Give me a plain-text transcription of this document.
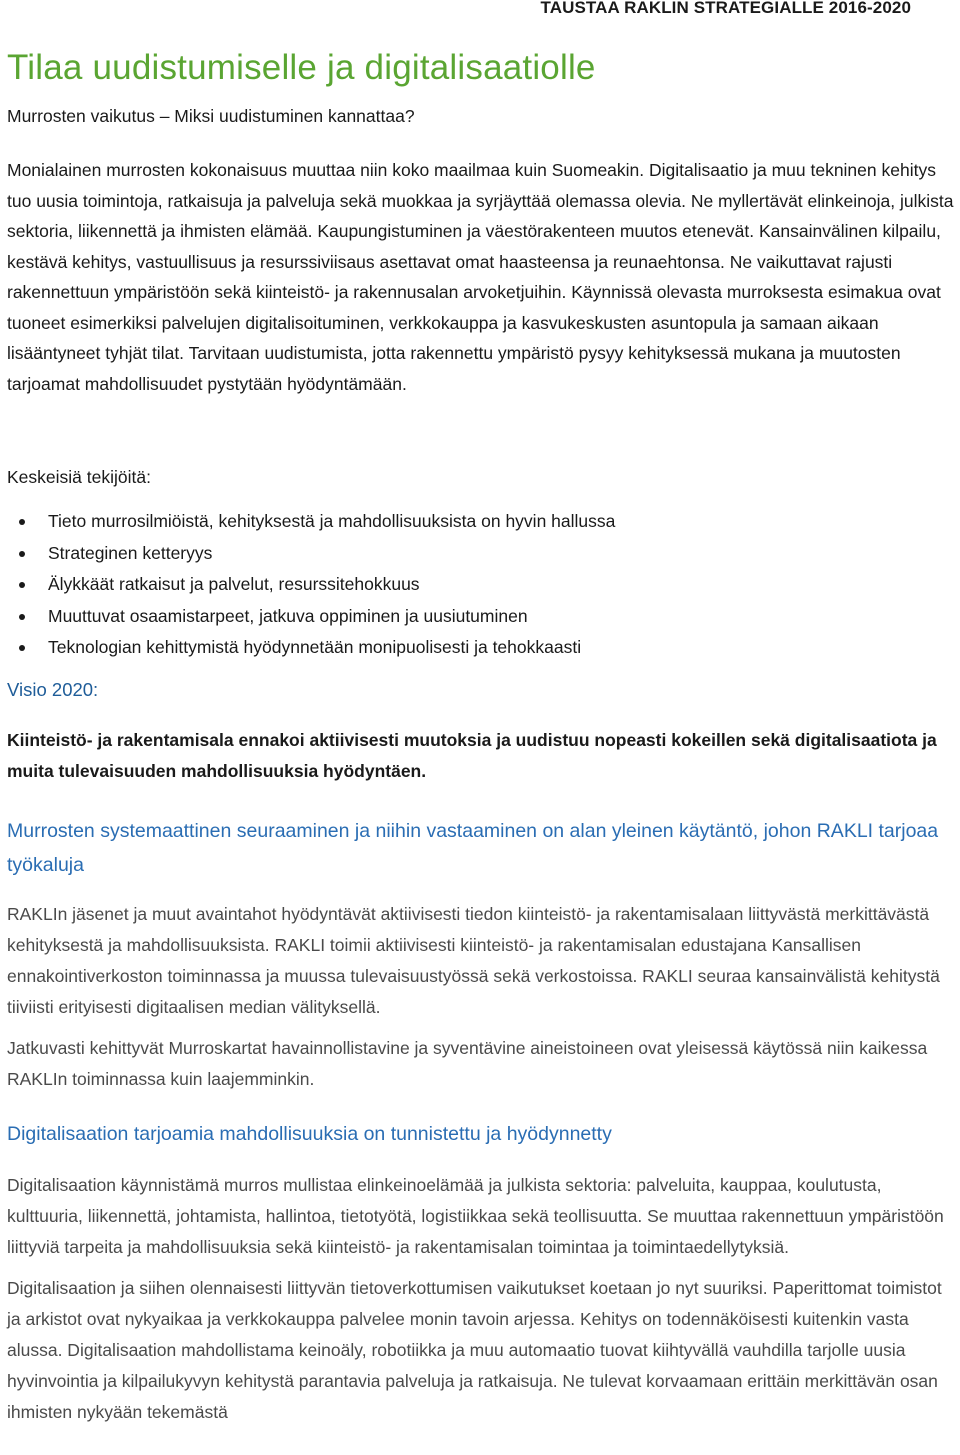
TAUSTAA RAKLIN STRATEGIALLE 2016-2020
Tilaa uudistumiselle ja digitalisaatiolle
Murrosten vaikutus – Miksi uudistuminen kannattaa?
Monialainen murrosten kokonaisuus muuttaa niin koko maailmaa kuin Suomeakin. Digitalisaatio ja muu tekninen kehitys tuo uusia toimintoja, ratkaisuja ja palveluja sekä muokkaa ja syrjäyttää olemassa olevia. Ne myllertävät elinkeinoja, julkista sektoria, liikennettä ja ihmisten elämää. Kaupungistuminen ja väestörakenteen muutos etenevät. Kansainvälinen kilpailu, kestävä kehitys, vastuullisuus ja resurssiviisaus asettavat omat haasteensa ja reunaehtonsa. Ne vaikuttavat rajusti rakennettuun ympäristöön sekä kiinteistö- ja rakennusalan arvoketjuihin. Käynnissä olevasta murroksesta esimakua ovat tuoneet esimerkiksi palvelujen digitalisoituminen, verkkokauppa ja kasvukeskusten asuntopula ja samaan aikaan lisääntyneet tyhjät tilat. Tarvitaan uudistumista, jotta rakennettu ympäristö pysyy kehityksessä mukana ja muutosten tarjoamat mahdollisuudet pystytään hyödyntämään.
Keskeisiä tekijöitä:
Tieto murrosilmiöistä, kehityksestä ja mahdollisuuksista on hyvin hallussa
Strateginen ketteryys
Älykkäät ratkaisut ja palvelut, resurssitehokkuus
Muuttuvat osaamistarpeet, jatkuva oppiminen ja uusiutuminen
Teknologian kehittymistä hyödynnetään monipuolisesti ja tehokkaasti
Visio 2020:
Kiinteistö- ja rakentamisala ennakoi aktiivisesti muutoksia ja uudistuu nopeasti kokeillen sekä digitalisaatiota ja muita tulevaisuuden mahdollisuuksia hyödyntäen.
Murrosten systemaattinen seuraaminen ja niihin vastaaminen on alan yleinen käytäntö, johon RAKLI tarjoaa työkaluja
RAKLIn jäsenet ja muut avaintahot hyödyntävät aktiivisesti tiedon kiinteistö- ja rakentamisalaan liittyvästä merkittävästä kehityksestä ja mahdollisuuksista. RAKLI toimii aktiivisesti kiinteistö- ja rakentamisalan edustajana Kansallisen ennakointiverkoston toiminnassa ja muussa tulevaisuustyössä sekä verkostoissa. RAKLI seuraa kansainvälistä kehitystä tiiviisti erityisesti digitaalisen median välityksellä.
Jatkuvasti kehittyvät Murroskartat havainnollistavine ja syventävine aineistoineen ovat yleisessä käytössä niin kaikessa RAKLIn toiminnassa kuin laajemminkin.
Digitalisaation tarjoamia mahdollisuuksia on tunnistettu ja hyödynnetty
Digitalisaation käynnistämä murros mullistaa elinkeinoelämää ja julkista sektoria: palveluita, kauppaa, koulutusta, kulttuuria, liikennettä, johtamista, hallintoa, tietotyötä, logistiikkaa sekä teollisuutta. Se muuttaa rakennettuun ympäristöön liittyviä tarpeita ja mahdollisuuksia sekä kiinteistö- ja rakentamisalan toimintaa ja toimintaedellytyksiä.
Digitalisaation ja siihen olennaisesti liittyvän tietoverkottumisen vaikutukset koetaan jo nyt suuriksi. Paperittomat toimistot ja arkistot ovat nykyaikaa ja verkkokauppa palvelee monin tavoin arjessa. Kehitys on todennäköisesti kuitenkin vasta alussa. Digitalisaation mahdollistama keinoäly, robotiikka ja muu automaatio tuovat kiihtyvällä vauhdilla tarjolle uusia hyvinvointia ja kilpailukyvyn kehitystä parantavia palveluja ja ratkaisuja. Ne tulevat korvaamaan erittäin merkittävän osan ihmisten nykyään tekemästä
